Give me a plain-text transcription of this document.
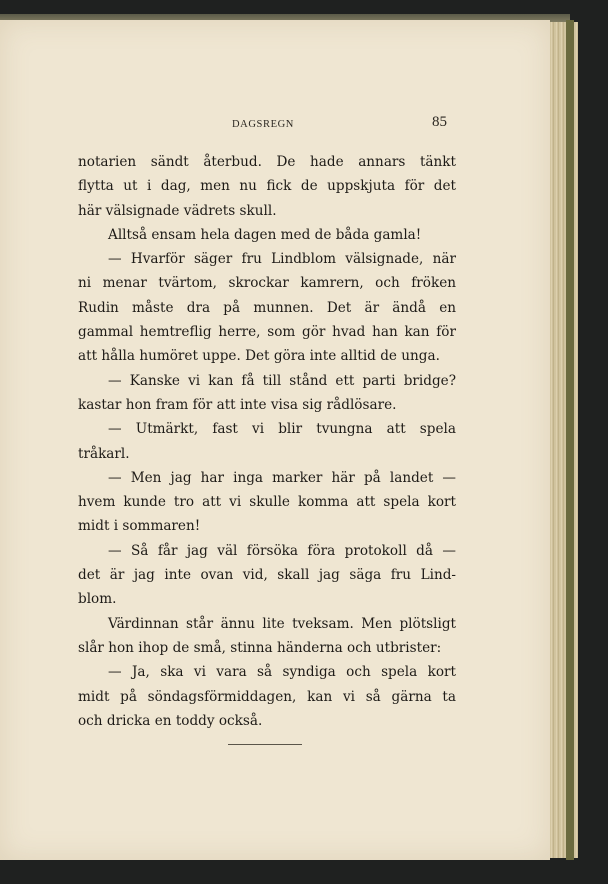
DAGSREGN	85

notarien sändt återbud. De hade annars tänkt
flytta ut i dag, men nu fick de uppskjuta för det
här välsignade vädrets skull.

Alltså ensam hela dagen med de båda gamla!

— Hvarför säger fru Lindblom välsignade, när
ni menar tvärtom, skrockar kamrern, och fröken
Rudin måste dra på munnen. Det är ändå en
gammal hemtreflig herre, som gör hvad han kan för
att hålla humöret uppe. Det göra inte alltid de unga.

— Kanske vi kan få till stånd ett parti bridge?
kastar hon fram för att inte visa sig rådlösare.

— Utmärkt, fast vi blir tvungna att spela
tråkarl.

— Men jag har inga marker här på landet —
hvem kunde tro att vi skulle komma att spela kort
midt i sommaren!

— Så får jag väl försöka föra protokoll då —
det är jag inte ovan vid, skall jag säga fru Lind-
blom.

Värdinnan står ännu lite tveksam. Men plötsligt
slår hon ihop de små, stinna händerna och utbrister:

— Ja, ska vi vara så syndiga och spela kort
midt på söndagsförmiddagen, kan vi så gärna ta
och dricka en toddy också.
